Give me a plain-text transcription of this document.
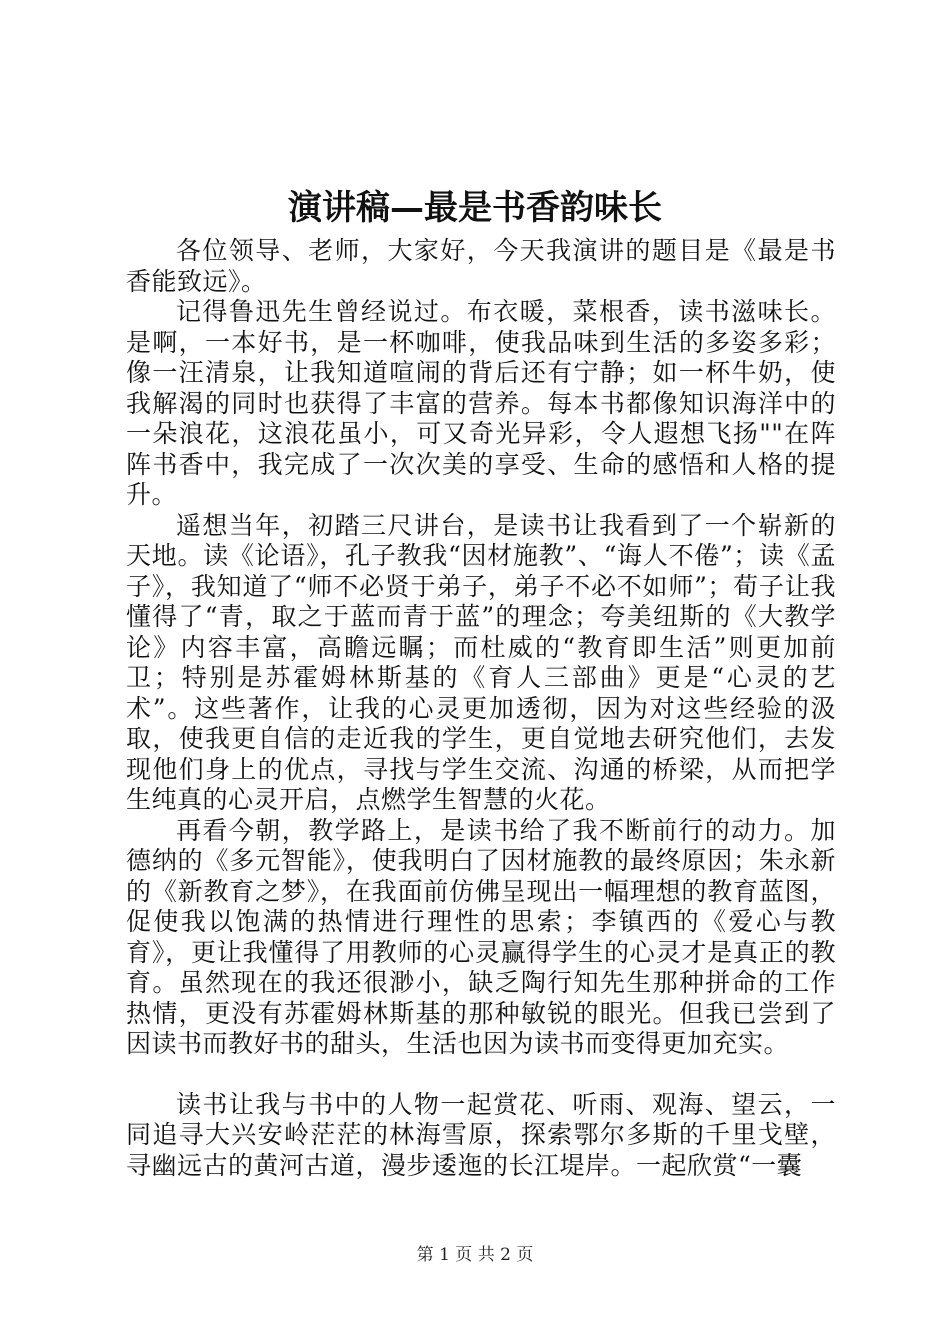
演讲稿—最是书香韵味长

各位领导、老师，大家好，今天我演讲的题目是《最是书香能致远》。

记得鲁迅先生曾经说过。布衣暖，菜根香，读书滋味长。是啊，一本好书，是一杯咖啡，使我品味到生活的多姿多彩；像一汪清泉，让我知道喧闹的背后还有宁静；如一杯牛奶，使我解渴的同时也获得了丰富的营养。每本书都像知识海洋中的一朵浪花，这浪花虽小，可又奇光异彩，令人遐想飞扬""在阵阵书香中，我完成了一次次美的享受、生命的感悟和人格的提升。

遥想当年，初踏三尺讲台，是读书让我看到了一个崭新的天地。读《论语》，孔子教我“因材施教”、“诲人不倦”；读《孟子》，我知道了“师不必贤于弟子，弟子不必不如师”；荀子让我懂得了“青，取之于蓝而青于蓝”的理念；夸美纽斯的《大教学论》内容丰富，高瞻远瞩；而杜威的“教育即生活”则更加前卫；特别是苏霍姆林斯基的《育人三部曲》更是“心灵的艺术”。这些著作，让我的心灵更加透彻，因为对这些经验的汲取，使我更自信的走近我的学生，更自觉地去研究他们，去发现他们身上的优点，寻找与学生交流、沟通的桥梁，从而把学生纯真的心灵开启，点燃学生智慧的火花。

再看今朝，教学路上，是读书给了我不断前行的动力。加德纳的《多元智能》，使我明白了因材施教的最终原因；朱永新的《新教育之梦》，在我面前仿佛呈现出一幅理想的教育蓝图，促使我以饱满的热情进行理性的思索；李镇西的《爱心与教育》，更让我懂得了用教师的心灵赢得学生的心灵才是真正的教育。虽然现在的我还很渺小，缺乏陶行知先生那种拼命的工作热情，更没有苏霍姆林斯基的那种敏锐的眼光。但我已尝到了因读书而教好书的甜头，生活也因为读书而变得更加充实。

读书让我与书中的人物一起赏花、听雨、观海、望云，一同追寻大兴安岭茫茫的林海雪原，探索鄂尔多斯的千里戈壁，寻幽远古的黄河古道，漫步逶迤的长江堤岸。一起欣赏“一囊

第 1 页 共 2 页
